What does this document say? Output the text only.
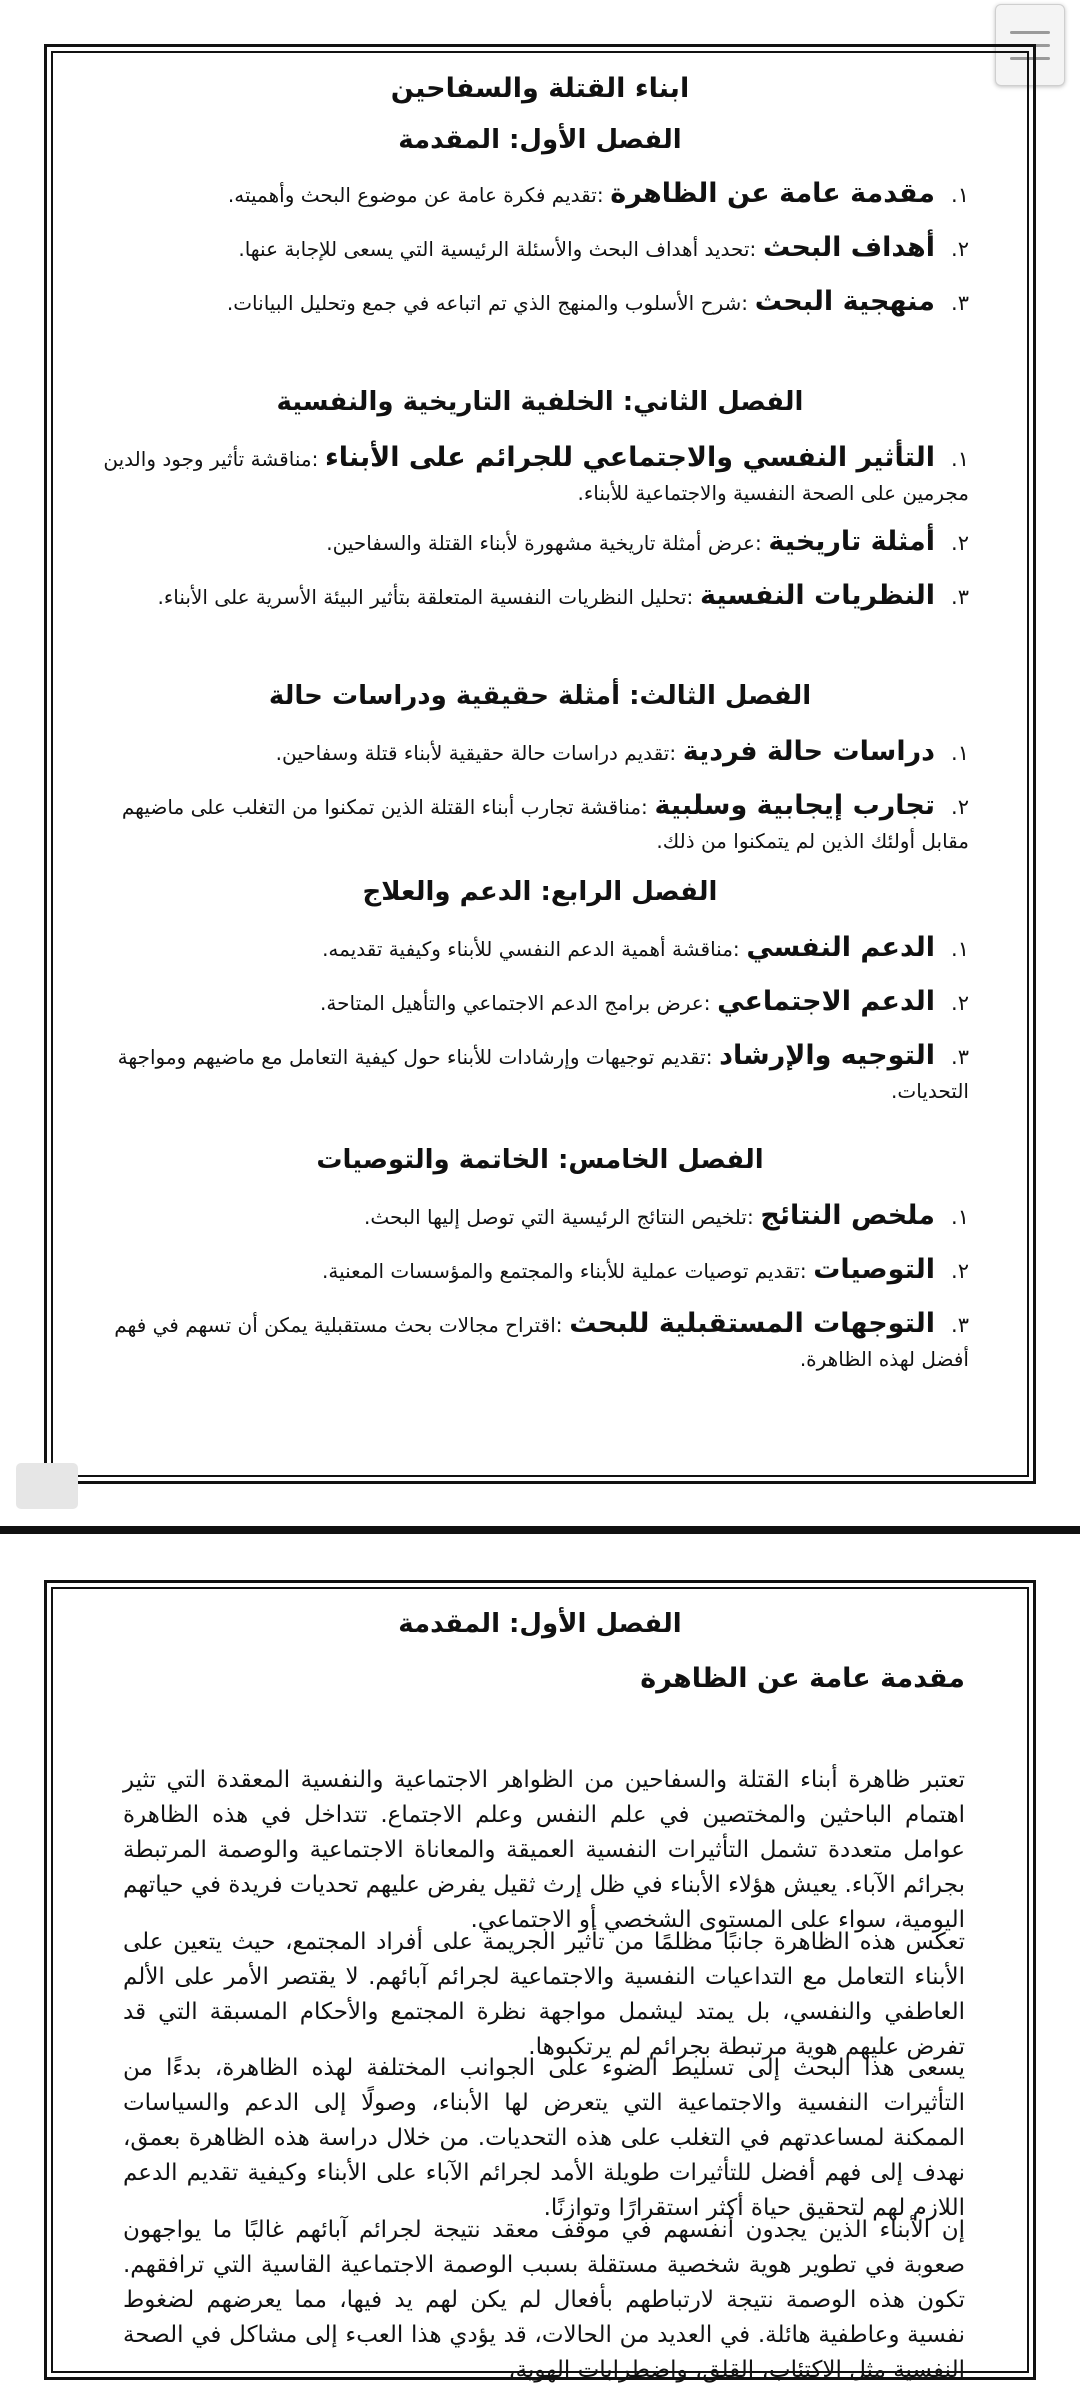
ابناء القتلة والسفاحين
الفصل الأول: المقدمة

١.مقدمة عامة عن الظاهرة :تقديم فكرة عامة عن موضوع البحث وأهميته.

٢.أهداف البحث :تحديد أهداف البحث والأسئلة الرئيسية التي يسعى للإجابة عنها.

٣.منهجية البحث :شرح الأسلوب والمنهج الذي تم اتباعه في جمع وتحليل البيانات.

الفصل الثاني: الخلفية التاريخية والنفسية

١.التأثير النفسي والاجتماعي للجرائم على الأبناء :مناقشة تأثير وجود والدين مجرمين على الصحة النفسية والاجتماعية للأبناء.

٢.أمثلة تاريخية :عرض أمثلة تاريخية مشهورة لأبناء القتلة والسفاحين.

٣.النظريات النفسية :تحليل النظريات النفسية المتعلقة بتأثير البيئة الأسرية على الأبناء.

الفصل الثالث: أمثلة حقيقية ودراسات حالة

١.دراسات حالة فردية :تقديم دراسات حالة حقيقية لأبناء قتلة وسفاحين.

٢.تجارب إيجابية وسلبية :مناقشة تجارب أبناء القتلة الذين تمكنوا من التغلب على ماضيهم مقابل أولئك الذين لم يتمكنوا من ذلك.

الفصل الرابع: الدعم والعلاج

١.الدعم النفسي :مناقشة أهمية الدعم النفسي للأبناء وكيفية تقديمه.

٢.الدعم الاجتماعي :عرض برامج الدعم الاجتماعي والتأهيل المتاحة.

٣.التوجيه والإرشاد :تقديم توجيهات وإرشادات للأبناء حول كيفية التعامل مع ماضيهم ومواجهة التحديات.

الفصل الخامس: الخاتمة والتوصيات

١.ملخص النتائج :تلخيص النتائج الرئيسية التي توصل إليها البحث.

٢.التوصيات :تقديم توصيات عملية للأبناء والمجتمع والمؤسسات المعنية.

٣.التوجهات المستقبلية للبحث :اقتراح مجالات بحث مستقبلية يمكن أن تسهم في فهم أفضل لهذه الظاهرة.

الفصل الأول: المقدمة
مقدمة عامة عن الظاهرة

تعتبر ظاهرة أبناء القتلة والسفاحين من الظواهر الاجتماعية والنفسية المعقدة التي تثير اهتمام الباحثين والمختصين في علم النفس وعلم الاجتماع. تتداخل في هذه الظاهرة عوامل متعددة تشمل التأثيرات النفسية العميقة والمعاناة الاجتماعية والوصمة المرتبطة بجرائم الآباء. يعيش هؤلاء الأبناء في ظل إرث ثقيل يفرض عليهم تحديات فريدة في حياتهم اليومية، سواء على المستوى الشخصي أو الاجتماعي.

تعكس هذه الظاهرة جانبًا مظلمًا من تأثير الجريمة على أفراد المجتمع، حيث يتعين على الأبناء التعامل مع التداعيات النفسية والاجتماعية لجرائم آبائهم. لا يقتصر الأمر على الألم العاطفي والنفسي، بل يمتد ليشمل مواجهة نظرة المجتمع والأحكام المسبقة التي قد تفرض عليهم هوية مرتبطة بجرائم لم يرتكبوها.

يسعى هذا البحث إلى تسليط الضوء على الجوانب المختلفة لهذه الظاهرة، بدءًا من التأثيرات النفسية والاجتماعية التي يتعرض لها الأبناء، وصولًا إلى الدعم والسياسات الممكنة لمساعدتهم في التغلب على هذه التحديات. من خلال دراسة هذه الظاهرة بعمق، نهدف إلى فهم أفضل للتأثيرات طويلة الأمد لجرائم الآباء على الأبناء وكيفية تقديم الدعم اللازم لهم لتحقيق حياة أكثر استقرارًا وتوازنًا.

إن الأبناء الذين يجدون أنفسهم في موقف معقد نتيجة لجرائم آبائهم غالبًا ما يواجهون صعوبة في تطوير هوية شخصية مستقلة بسبب الوصمة الاجتماعية القاسية التي ترافقهم. تكون هذه الوصمة نتيجة لارتباطهم بأفعال لم يكن لهم يد فيها، مما يعرضهم لضغوط نفسية وعاطفية هائلة. في العديد من الحالات، قد يؤدي هذا العبء إلى مشاكل في الصحة النفسية مثل الاكتئاب، القلق، واضطرابات الهوية،
